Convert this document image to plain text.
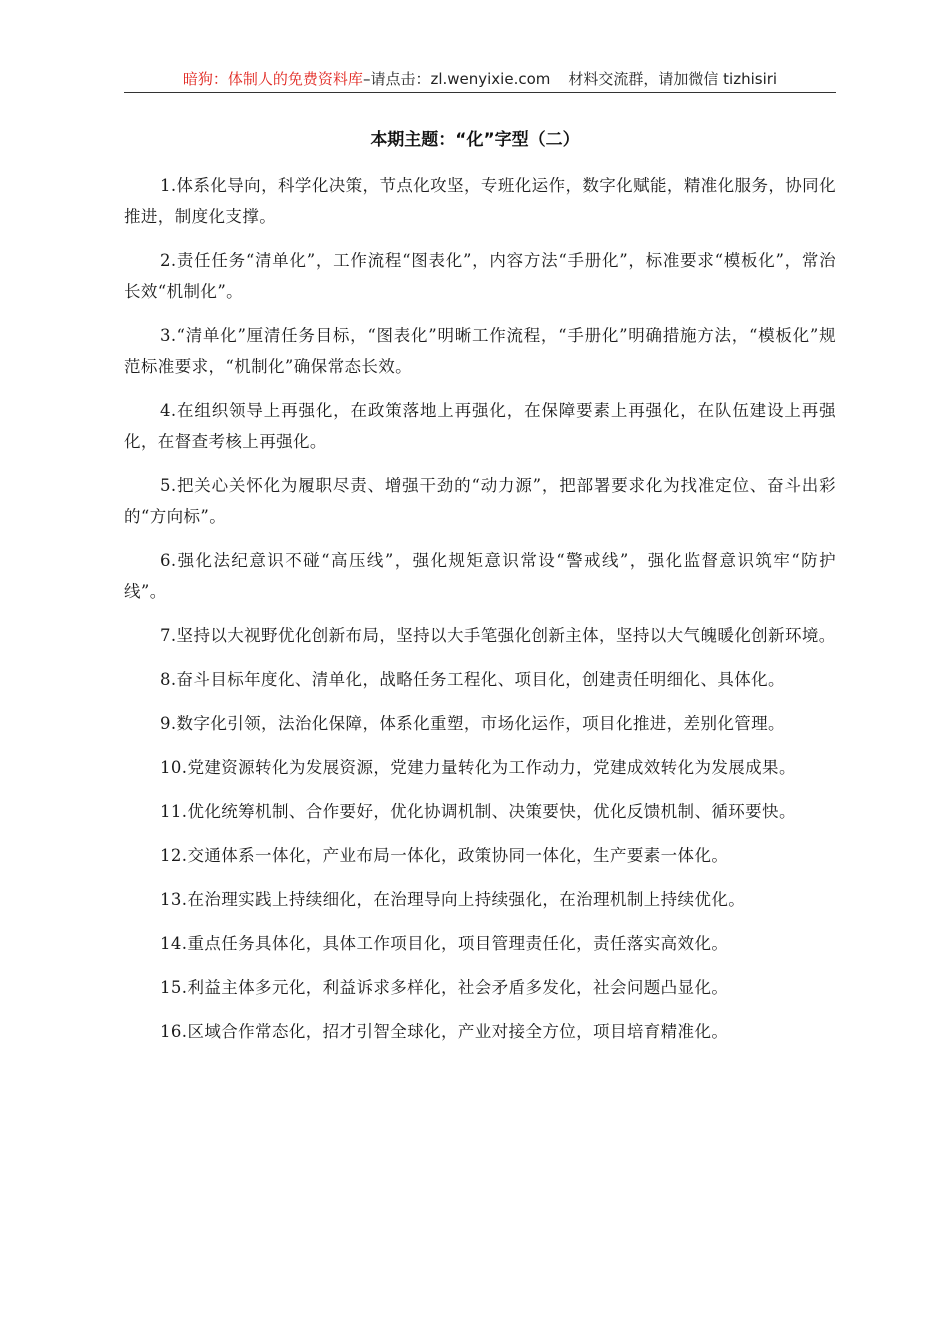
暗狗：体制人的免费资料库–请点击：zl.wenyixie.com 材料交流群，请加微信 tizhisiri
本期主题：“化”字型（二）

1.体系化导向，科学化决策，节点化攻坚，专班化运作，数字化赋能，精准化服务，协同化推进，制度化支撑。

2.责任任务“清单化”，工作流程“图表化”，内容方法“手册化”，标准要求“模板化”，常治长效“机制化”。

3.“清单化”厘清任务目标，“图表化”明晰工作流程，“手册化”明确措施方法，“模板化”规范标准要求，“机制化”确保常态长效。

4.在组织领导上再强化，在政策落地上再强化，在保障要素上再强化，在队伍建设上再强化，在督查考核上再强化。

5.把关心关怀化为履职尽责、增强干劲的“动力源”，把部署要求化为找准定位、奋斗出彩的“方向标”。

6.强化法纪意识不碰“高压线”，强化规矩意识常设“警戒线”，强化监督意识筑牢“防护线”。

7.坚持以大视野优化创新布局，坚持以大手笔强化创新主体，坚持以大气魄暖化创新环境。

8.奋斗目标年度化、清单化，战略任务工程化、项目化，创建责任明细化、具体化。

9.数字化引领，法治化保障，体系化重塑，市场化运作，项目化推进，差别化管理。

10.党建资源转化为发展资源，党建力量转化为工作动力，党建成效转化为发展成果。

11.优化统筹机制、合作要好，优化协调机制、决策要快，优化反馈机制、循环要快。

12.交通体系一体化，产业布局一体化，政策协同一体化，生产要素一体化。

13.在治理实践上持续细化，在治理导向上持续强化，在治理机制上持续优化。

14.重点任务具体化，具体工作项目化，项目管理责任化，责任落实高效化。

15.利益主体多元化，利益诉求多样化，社会矛盾多发化，社会问题凸显化。

16.区域合作常态化，招才引智全球化，产业对接全方位，项目培育精准化。
